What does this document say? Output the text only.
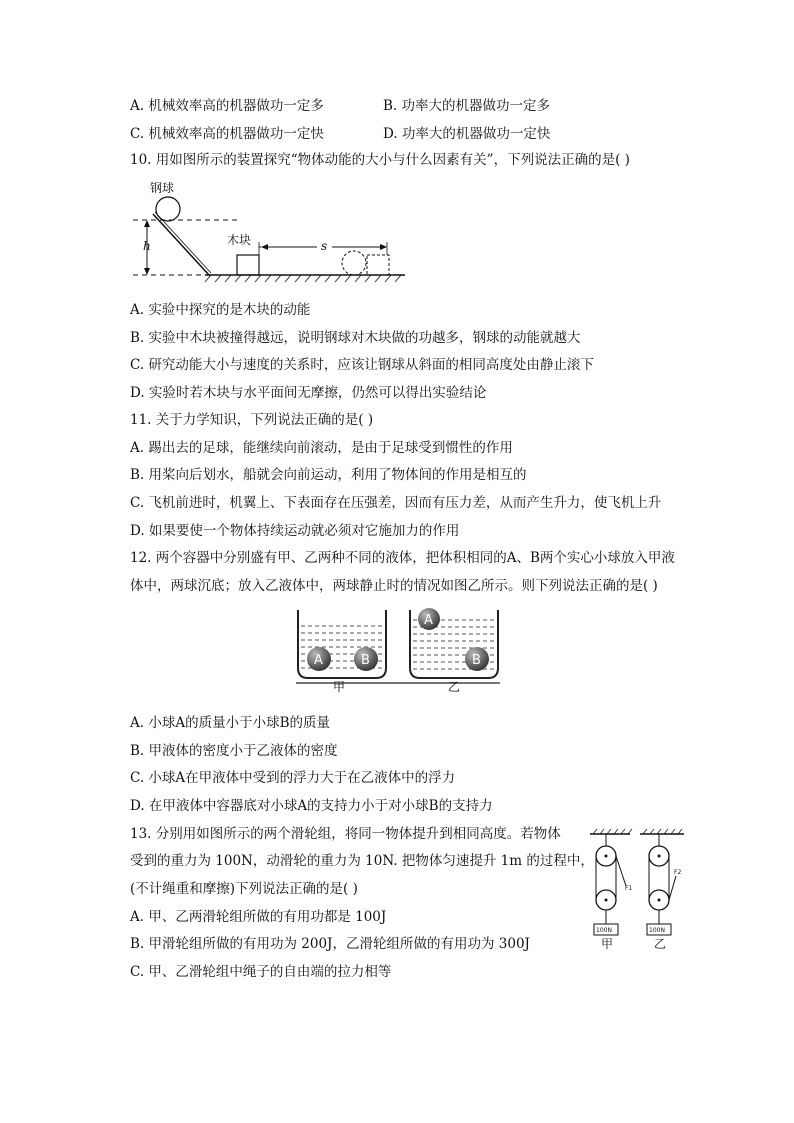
A. 机械效率高的机器做功一定多	B. 功率大的机器做功一定多
C. 机械效率高的机器做功一定快	D. 功率大的机器做功一定快
10. 用如图所示的装置探究“物体动能的大小与什么因素有关”，下列说法正确的是( )
钢球
h	木块	s
A. 实验中探究的是木块的动能
B. 实验中木块被撞得越远，说明钢球对木块做的功越多，钢球的动能就越大
C. 研究动能大小与速度的关系时，应该让钢球从斜面的相同高度处由静止滚下
D. 实验时若木块与水平面间无摩擦，仍然可以得出实验结论
11. 关于力学知识，下列说法正确的是( )
A. 踢出去的足球，能继续向前滚动，是由于足球受到惯性的作用
B. 用桨向后划水，船就会向前运动，利用了物体间的作用是相互的
C. 飞机前进时，机翼上、下表面存在压强差，因而有压力差，从而产生升力，使飞机上升
D. 如果要使一个物体持续运动就必须对它施加力的作用
12. 两个容器中分别盛有甲、乙两种不同的液体，把体积相同的A、B两个实心小球放入甲液
体中，两球沉底；放入乙液体中，两球静止时的情况如图乙所示。则下列说法正确的是( )
A	B
A
B
甲	乙
A. 小球A的质量小于小球B的质量
B. 甲液体的密度小于乙液体的密度
C. 小球A在甲液体中受到的浮力大于在乙液体中的浮力
D. 在甲液体中容器底对小球A的支持力小于对小球B的支持力
13. 分别用如图所示的两个滑轮组，将同一物体提升到相同高度。若物体
受到的重力为 100N，动滑轮的重力为 10N. 把物体匀速提升 1m 的过程中，
(不计绳重和摩擦)下列说法正确的是( )
A. 甲、乙两滑轮组所做的有用功都是 100J
B. 甲滑轮组所做的有用功为 200J，乙滑轮组所做的有用功为 300J
C. 甲、乙滑轮组中绳子的自由端的拉力相等
100N
F1
甲
100N
F2
乙
